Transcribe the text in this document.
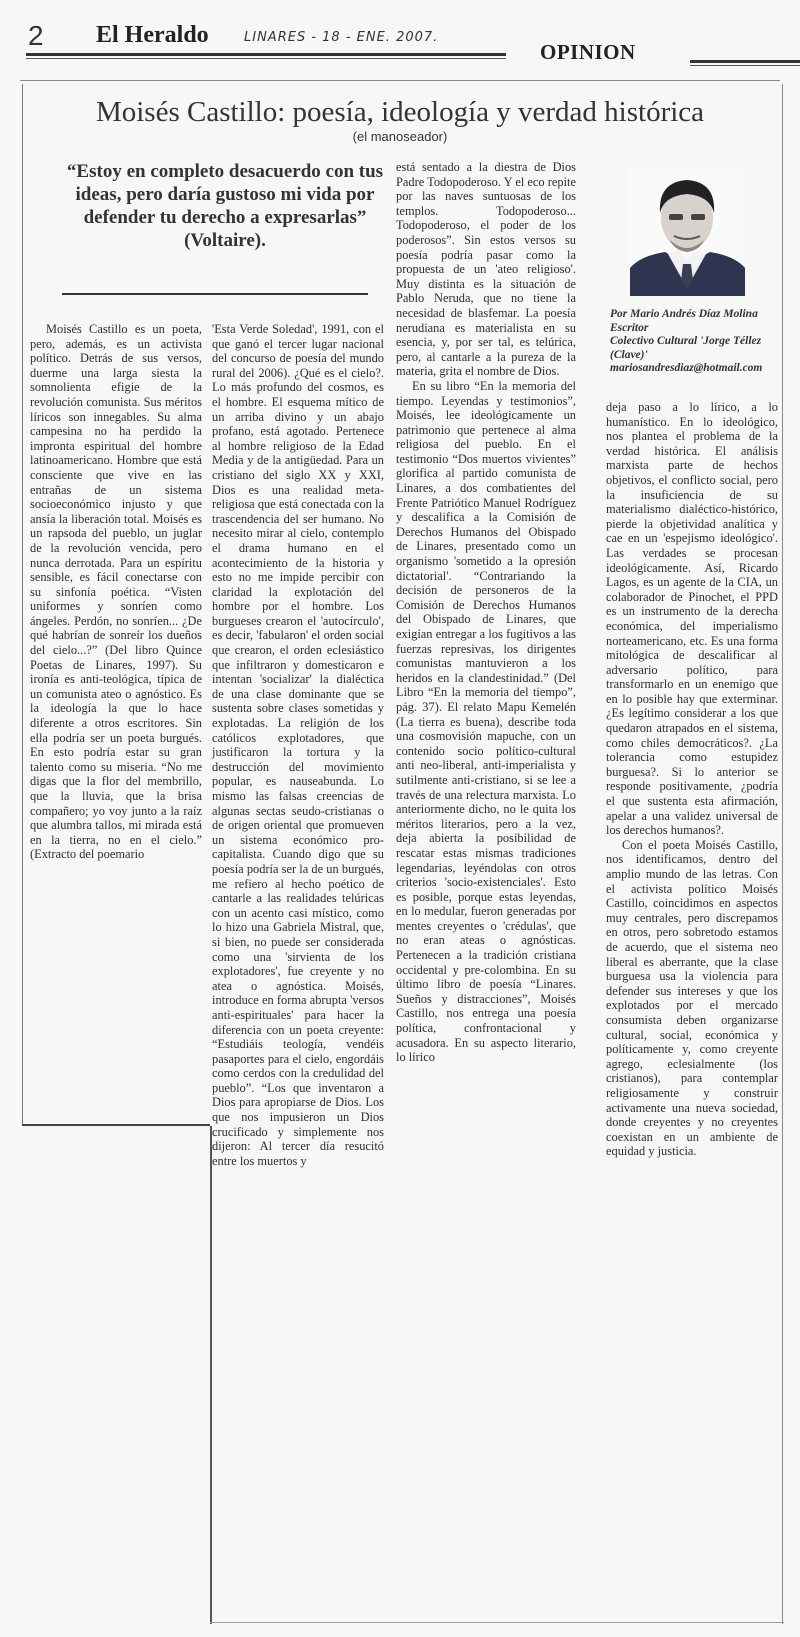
2 El Heraldo	LINARES - 18 - ENE. 2007.
OPINION
Moisés Castillo: poesía, ideología y verdad histórica
(el manoseador)
“Estoy en completo desacuerdo con tus ideas, pero daría gustoso mi vida por defender tu derecho a expresarlas” (Voltaire).
Por Mario Andrés Díaz Molina
Escritor
Colectivo Cultural 'Jorge Téllez (Clave)'
mariosandresdiaz@hotmail.com

Moisés Castillo es un poeta, pero, además, es un activista político. Detrás de sus versos, duerme una larga siesta la somnolienta efigie de la revolución comunista. Sus méritos líricos son innegables. Su alma campesina no ha perdido la impronta espiritual del hombre latinoamericano. Hombre que está consciente que vive en las entrañas de un sistema socioeconómico injusto y que ansía la liberación total. Moisés es un rapsoda del pueblo, un juglar de la revolución vencida, pero nunca derrotada. Para un espíritu sensible, es fácil conectarse con su sinfonía poética. “Visten uniformes y sonríen como ángeles. Perdón, no sonríen... ¿De qué habrían de sonreír los dueños del cielo...?” (Del libro Quince Poetas de Linares, 1997). Su ironía es anti-teológica, típica de un comunista ateo o agnóstico. Es la ideología la que lo hace diferente a otros escritores. Sin ella podría ser un poeta burgués. En esto podría estar su gran talento como su miseria. “No me digas que la flor del membrillo, que la lluvia, que la brisa compañero; yo voy junto a la raíz que alumbra tallos, mi mirada está en la tierra, no en el cielo.” (Extracto del poemario

'Esta Verde Soledad', 1991, con el que ganó el tercer lugar nacional del concurso de poesía del mundo rural del 2006). ¿Qué es el cielo?. Lo más profundo del cosmos, es el hombre. El esquema mítico de un arriba divino y un abajo profano, está agotado. Pertenece al hombre religioso de la Edad Media y de la antigüedad. Para un cristiano del siglo XX y XXI, Dios es una realidad meta-religiosa que está conectada con la trascendencia del ser humano. No necesito mirar al cielo, contemplo el drama humano en el acontecimiento de la historia y esto no me impide percibir con claridad la explotación del hombre por el hombre. Los burgueses crearon el 'autocírculo', es decir, 'fabularon' el orden social que crearon, el orden eclesiástico que infiltraron y domesticaron e intentan 'socializar' la dialéctica de una clase dominante que se sustenta sobre clases sometidas y explotadas. La religión de los católicos explotadores, que justificaron la tortura y la destrucción del movimiento popular, es nauseabunda. Lo mismo las falsas creencias de algunas sectas seudo-cristianas o de origen oriental que promueven un sistema económico pro-capitalista. Cuando digo que su poesía podría ser la de un burgués, me refiero al hecho poético de cantarle a las realidades telúricas con un acento casi místico, como lo hizo una Gabriela Mistral, que, si bien, no puede ser considerada como una 'sirvienta de los explotadores', fue creyente y no atea o agnóstica. Moisés, introduce en forma abrupta 'versos anti-espirituales' para hacer la diferencia con un poeta creyente: “Estudiáis teología, vendéis pasaportes para el cielo, engordáis como cerdos con la credulidad del pueblo”. “Los que inventaron a Dios para apropiarse de Dios. Los que nos impusieron un Dios crucificado y simplemente nos dijeron: Al tercer día resucitó entre los muertos y

está sentado a la diestra de Dios Padre Todopoderoso. Y el eco repite por las naves suntuosas de los templos. Todopoderoso... Todopoderoso, el poder de los poderosos”. Sin estos versos su poesía podría pasar como la propuesta de un 'ateo religioso'. Muy distinta es la situación de Pablo Neruda, que no tiene la necesidad de blasfemar. La poesía nerudiana es materialista en su esencia, y, por ser tal, es telúrica, pero, al cantarle a la pureza de la materia, grita el nombre de Dios.

En su libro “En la memoria del tiempo. Leyendas y testimonios”, Moisés, lee ideológicamente un patrimonio que pertenece al alma religiosa del pueblo. En el testimonio “Dos muertos vivientes” glorifica al partido comunista de Linares, a dos combatientes del Frente Patriótico Manuel Rodríguez y descalifica a la Comisión de Derechos Humanos del Obispado de Linares, presentado como un organismo 'sometido a la opresión dictatorial'. “Contrariando la decisión de personeros de la Comisión de Derechos Humanos del Obispado de Linares, que exigían entregar a los fugitivos a las fuerzas represivas, los dirigentes comunistas mantuvieron a los heridos en la clandestinidad.” (Del Libro “En la memoria del tiempo”, pág. 37). El relato Mapu Kemelén (La tierra es buena), describe toda una cosmovisión mapuche, con un contenido socio político-cultural anti neo-liberal, anti-imperialista y sutilmente anti-cristiano, si se lee a través de una relectura marxista. Lo anteriormente dicho, no le quita los méritos literarios, pero a la vez, deja abierta la posibilidad de rescatar estas mismas tradiciones legendarias, leyéndolas con otros criterios 'socio-existenciales'. Esto es posible, porque estas leyendas, en lo medular, fueron generadas por mentes creyentes o 'crédulas', que no eran ateas o agnósticas. Pertenecen a la tradición cristiana occidental y pre-colombina. En su último libro de poesía “Linares. Sueños y distracciones”, Moisés Castillo, nos entrega una poesía política, confrontacional y acusadora. En su aspecto literario, lo lírico

deja paso a lo lírico, a lo humanístico. En lo ideológico, nos plantea el problema de la verdad histórica. El análisis marxista parte de hechos objetivos, el conflicto social, pero la insuficiencia de su materialismo dialéctico-histórico, pierde la objetividad analítica y cae en un 'espejismo ideológico'. Las verdades se procesan ideológicamente. Así, Ricardo Lagos, es un agente de la CIA, un colaborador de Pinochet, el PPD es un instrumento de la derecha económica, del imperialismo norteamericano, etc. Es una forma mitológica de descalificar al adversario político, para transformarlo en un enemigo que en lo posible hay que exterminar. ¿Es legítimo considerar a los que quedaron atrapados en el sistema, como chiles democráticos?. ¿La tolerancia como estupidez burguesa?. Si lo anterior se responde positivamente, ¿podría el que sustenta esta afirmación, apelar a una validez universal de los derechos humanos?.

Con el poeta Moisés Castillo, nos identificamos, dentro del amplio mundo de las letras. Con el activista político Moisés Castillo, coincidimos en aspectos muy centrales, pero discrepamos en otros, pero sobretodo estamos de acuerdo, que el sistema neo liberal es aberrante, que la clase burguesa usa la violencia para defender sus intereses y que los explotados por el mercado consumista deben organizarse cultural, social, económica y políticamente y, como creyente agrego, eclesialmente (los cristianos), para contemplar religiosamente y construir activamente una nueva sociedad, donde creyentes y no creyentes coexistan en un ambiente de equidad y justicia.
